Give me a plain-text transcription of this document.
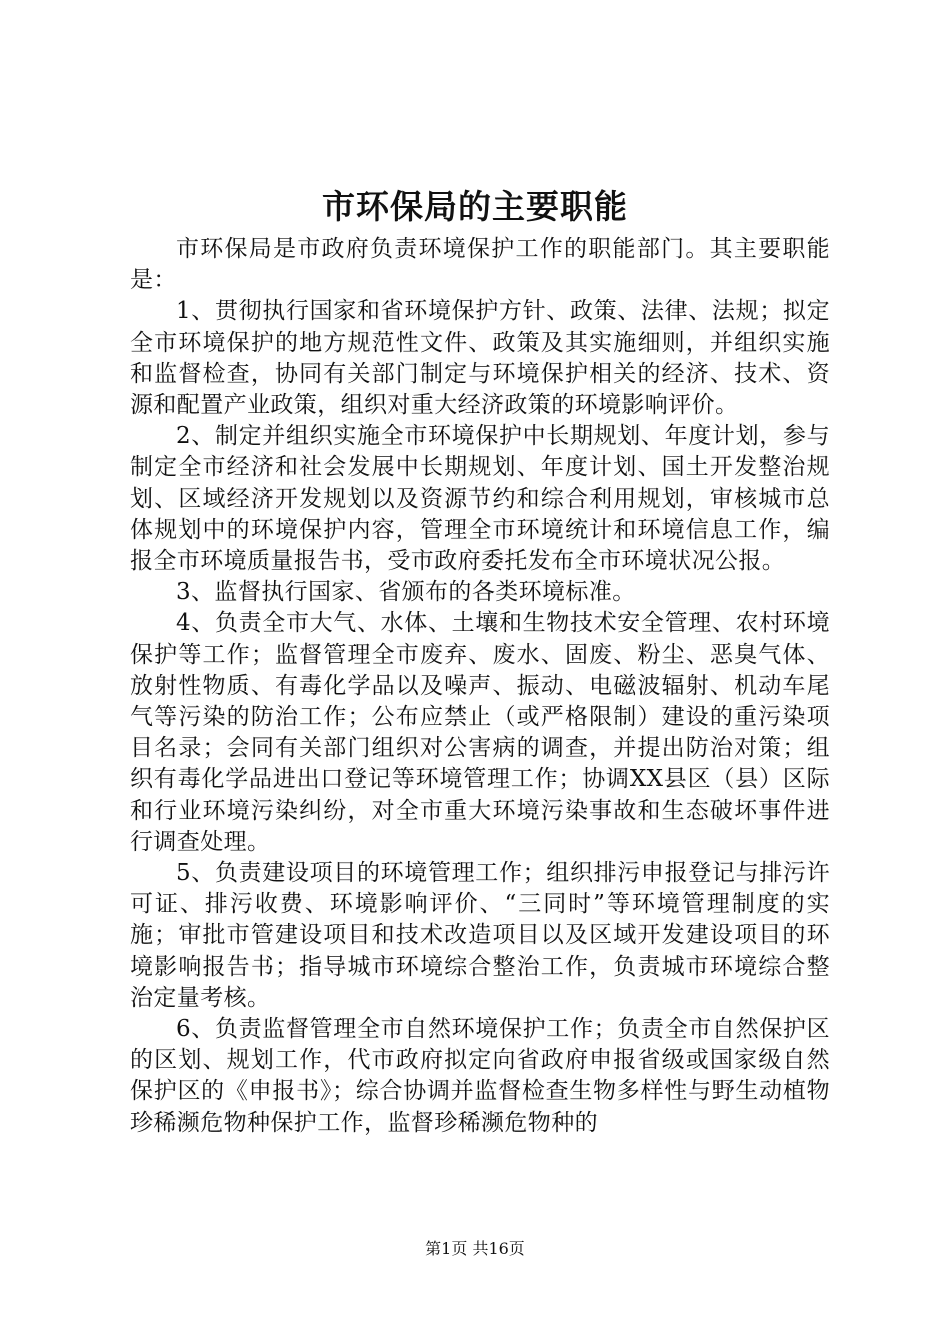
市环保局的主要职能

市环保局是市政府负责环境保护工作的职能部门。其主要职能是：

1、贯彻执行国家和省环境保护方针、政策、法律、法规；拟定全市环境保护的地方规范性文件、政策及其实施细则，并组织实施和监督检查，协同有关部门制定与环境保护相关的经济、技术、资源和配置产业政策，组织对重大经济政策的环境影响评价。

2、制定并组织实施全市环境保护中长期规划、年度计划，参与制定全市经济和社会发展中长期规划、年度计划、国土开发整治规划、区域经济开发规划以及资源节约和综合利用规划，审核城市总体规划中的环境保护内容，管理全市环境统计和环境信息工作，编报全市环境质量报告书，受市政府委托发布全市环境状况公报。

3、监督执行国家、省颁布的各类环境标准。

4、负责全市大气、水体、土壤和生物技术安全管理、农村环境保护等工作；监督管理全市废弃、废水、固废、粉尘、恶臭气体、放射性物质、有毒化学品以及噪声、振动、电磁波辐射、机动车尾气等污染的防治工作；公布应禁止（或严格限制）建设的重污染项目名录；会同有关部门组织对公害病的调查，并提出防治对策；组织有毒化学品进出口登记等环境管理工作；协调XX县区（县）区际和行业环境污染纠纷，对全市重大环境污染事故和生态破坏事件进行调查处理。

5、负责建设项目的环境管理工作；组织排污申报登记与排污许可证、排污收费、环境影响评价、“三同时”等环境管理制度的实施；审批市管建设项目和技术改造项目以及区域开发建设项目的环境影响报告书；指导城市环境综合整治工作，负责城市环境综合整治定量考核。

6、负责监督管理全市自然环境保护工作；负责全市自然保护区的区划、规划工作，代市政府拟定向省政府申报省级或国家级自然保护区的《申报书》；综合协调并监督检查生物多样性与野生动植物珍稀濒危物种保护工作，监督珍稀濒危物种的

第1页 共16页
